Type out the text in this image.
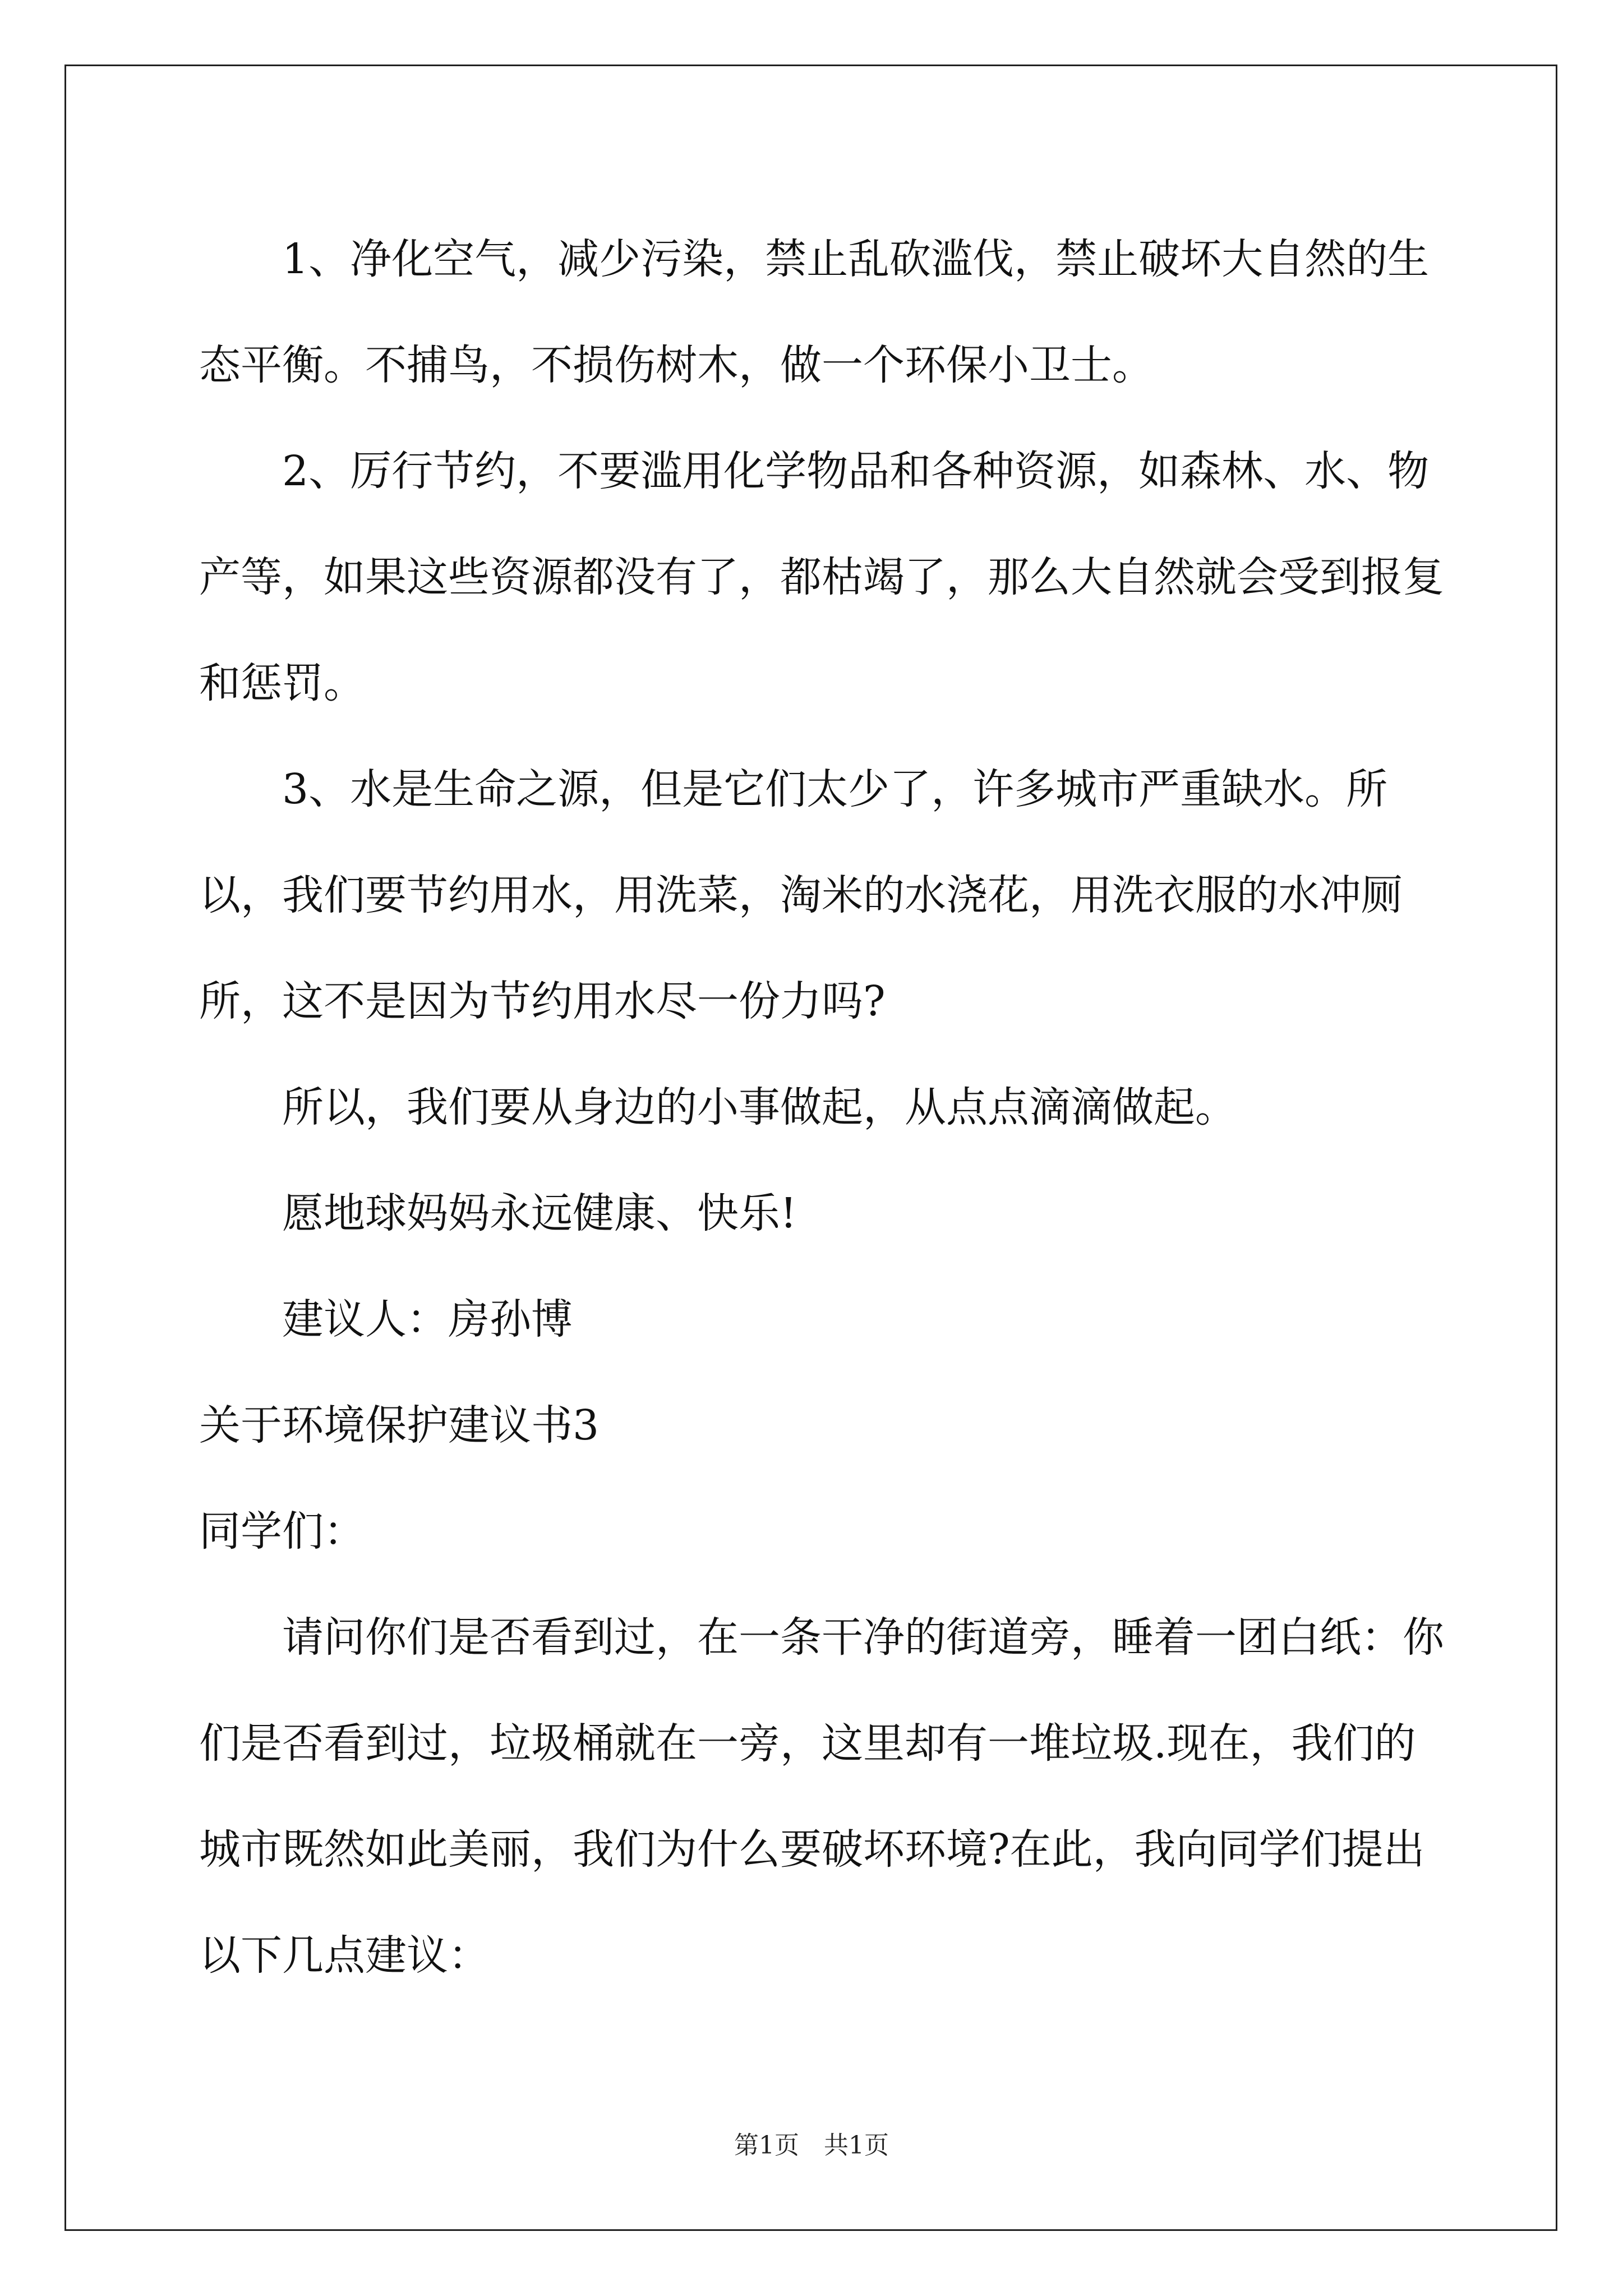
1、净化空气，减少污染，禁止乱砍滥伐，禁止破坏大自然的生态平衡。不捕鸟，不损伤树木，做一个环保小卫士。

2、厉行节约，不要滥用化学物品和各种资源，如森林、水、物产等，如果这些资源都没有了，都枯竭了，那么大自然就会受到报复和惩罚。

3、水是生命之源，但是它们太少了，许多城市严重缺水。所以，我们要节约用水，用洗菜，淘米的水浇花，用洗衣服的水冲厕所，这不是因为节约用水尽一份力吗?

所以，我们要从身边的小事做起，从点点滴滴做起。

愿地球妈妈永远健康、快乐!

建议人：房孙博

关于环境保护建议书3

同学们：

请问你们是否看到过，在一条干净的街道旁，睡着一团白纸：你们是否看到过，垃圾桶就在一旁，这里却有一堆垃圾.现在，我们的城市既然如此美丽，我们为什么要破坏环境?在此，我向同学们提出以下几点建议：

第1页　共1页
